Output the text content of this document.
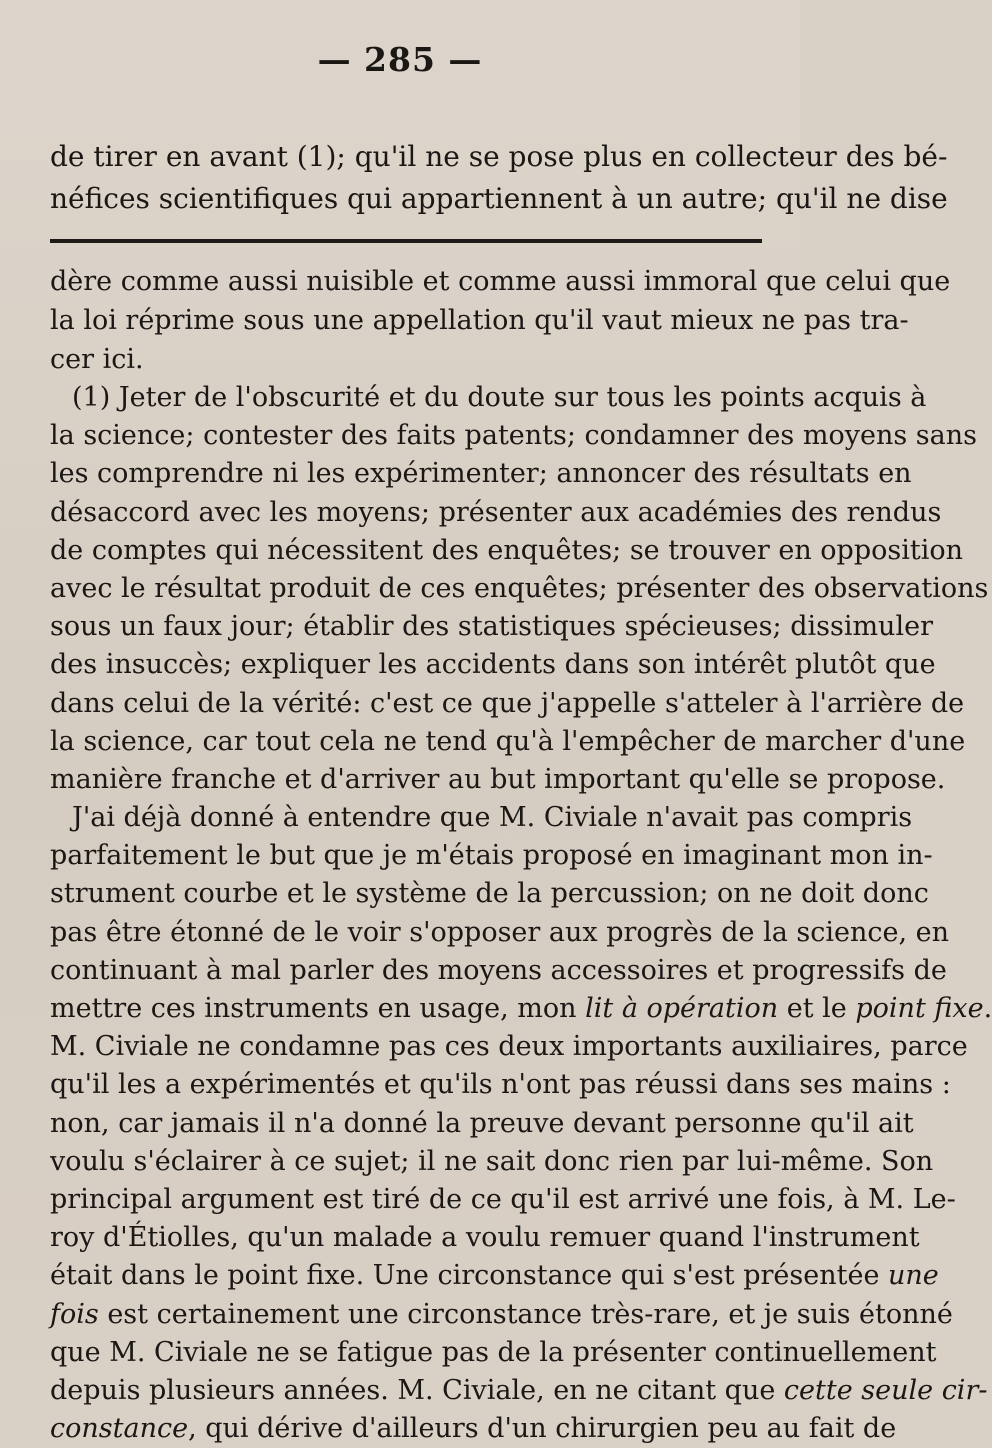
— 285 —
de tirer en avant (1); qu'il ne se pose plus en collecteur des bé-
néfices scientifiques qui appartiennent à un autre; qu'il ne dise
dère comme aussi nuisible et comme aussi immoral que celui que
la loi réprime sous une appellation qu'il vaut mieux ne pas tra-
cer ici.
(1) Jeter de l'obscurité et du doute sur tous les points acquis à
la science; contester des faits patents; condamner des moyens sans
les comprendre ni les expérimenter; annoncer des résultats en
désaccord avec les moyens; présenter aux académies des rendus
de comptes qui nécessitent des enquêtes; se trouver en opposition
avec le résultat produit de ces enquêtes; présenter des observations
sous un faux jour; établir des statistiques spécieuses; dissimuler
des insuccès; expliquer les accidents dans son intérêt plutôt que
dans celui de la vérité: c'est ce que j'appelle s'atteler à l'arrière de
la science, car tout cela ne tend qu'à l'empêcher de marcher d'une
manière franche et d'arriver au but important qu'elle se propose.
J'ai déjà donné à entendre que M. Civiale n'avait pas compris
parfaitement le but que je m'étais proposé en imaginant mon in-
strument courbe et le système de la percussion; on ne doit donc
pas être étonné de le voir s'opposer aux progrès de la science, en
continuant à mal parler des moyens accessoires et progressifs de
mettre ces instruments en usage, mon lit à opération et le point fixe.
M. Civiale ne condamne pas ces deux importants auxiliaires, parce
qu'il les a expérimentés et qu'ils n'ont pas réussi dans ses mains :
non, car jamais il n'a donné la preuve devant personne qu'il ait
voulu s'éclairer à ce sujet; il ne sait donc rien par lui-même. Son
principal argument est tiré de ce qu'il est arrivé une fois, à M. Le-
roy d'Étiolles, qu'un malade a voulu remuer quand l'instrument
était dans le point fixe. Une circonstance qui s'est présentée une
fois est certainement une circonstance très-rare, et je suis étonné
que M. Civiale ne se fatigue pas de la présenter continuellement
depuis plusieurs années. M. Civiale, en ne citant que cette seule cir-
constance, qui dérive d'ailleurs d'un chirurgien peu au fait de
